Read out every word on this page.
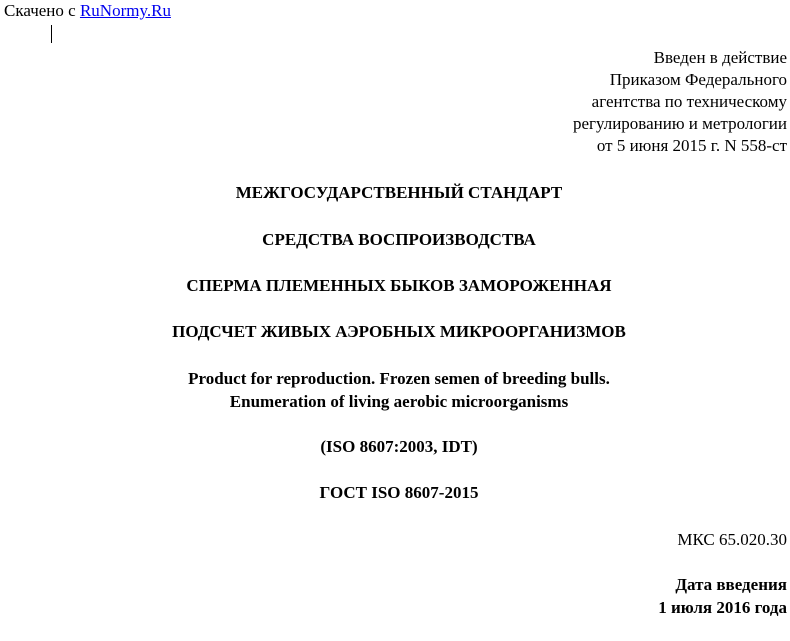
Скачено с RuNormy.Ru
Введен в действие
Приказом Федерального
агентства по техническому
регулированию и метрологии
от 5 июня 2015 г. N 558-ст
МЕЖГОСУДАРСТВЕННЫЙ СТАНДАРТ
СРЕДСТВА ВОСПРОИЗВОДСТВА
СПЕРМА ПЛЕМЕННЫХ БЫКОВ ЗАМОРОЖЕННАЯ
ПОДСЧЕТ ЖИВЫХ АЭРОБНЫХ МИКРООРГАНИЗМОВ
Product for reproduction. Frozen semen of breeding bulls.
Enumeration of living aerobic microorganisms
(ISO 8607:2003, IDT)
ГОСТ ISO 8607-2015
МКС 65.020.30
Дата введения
1 июля 2016 года
